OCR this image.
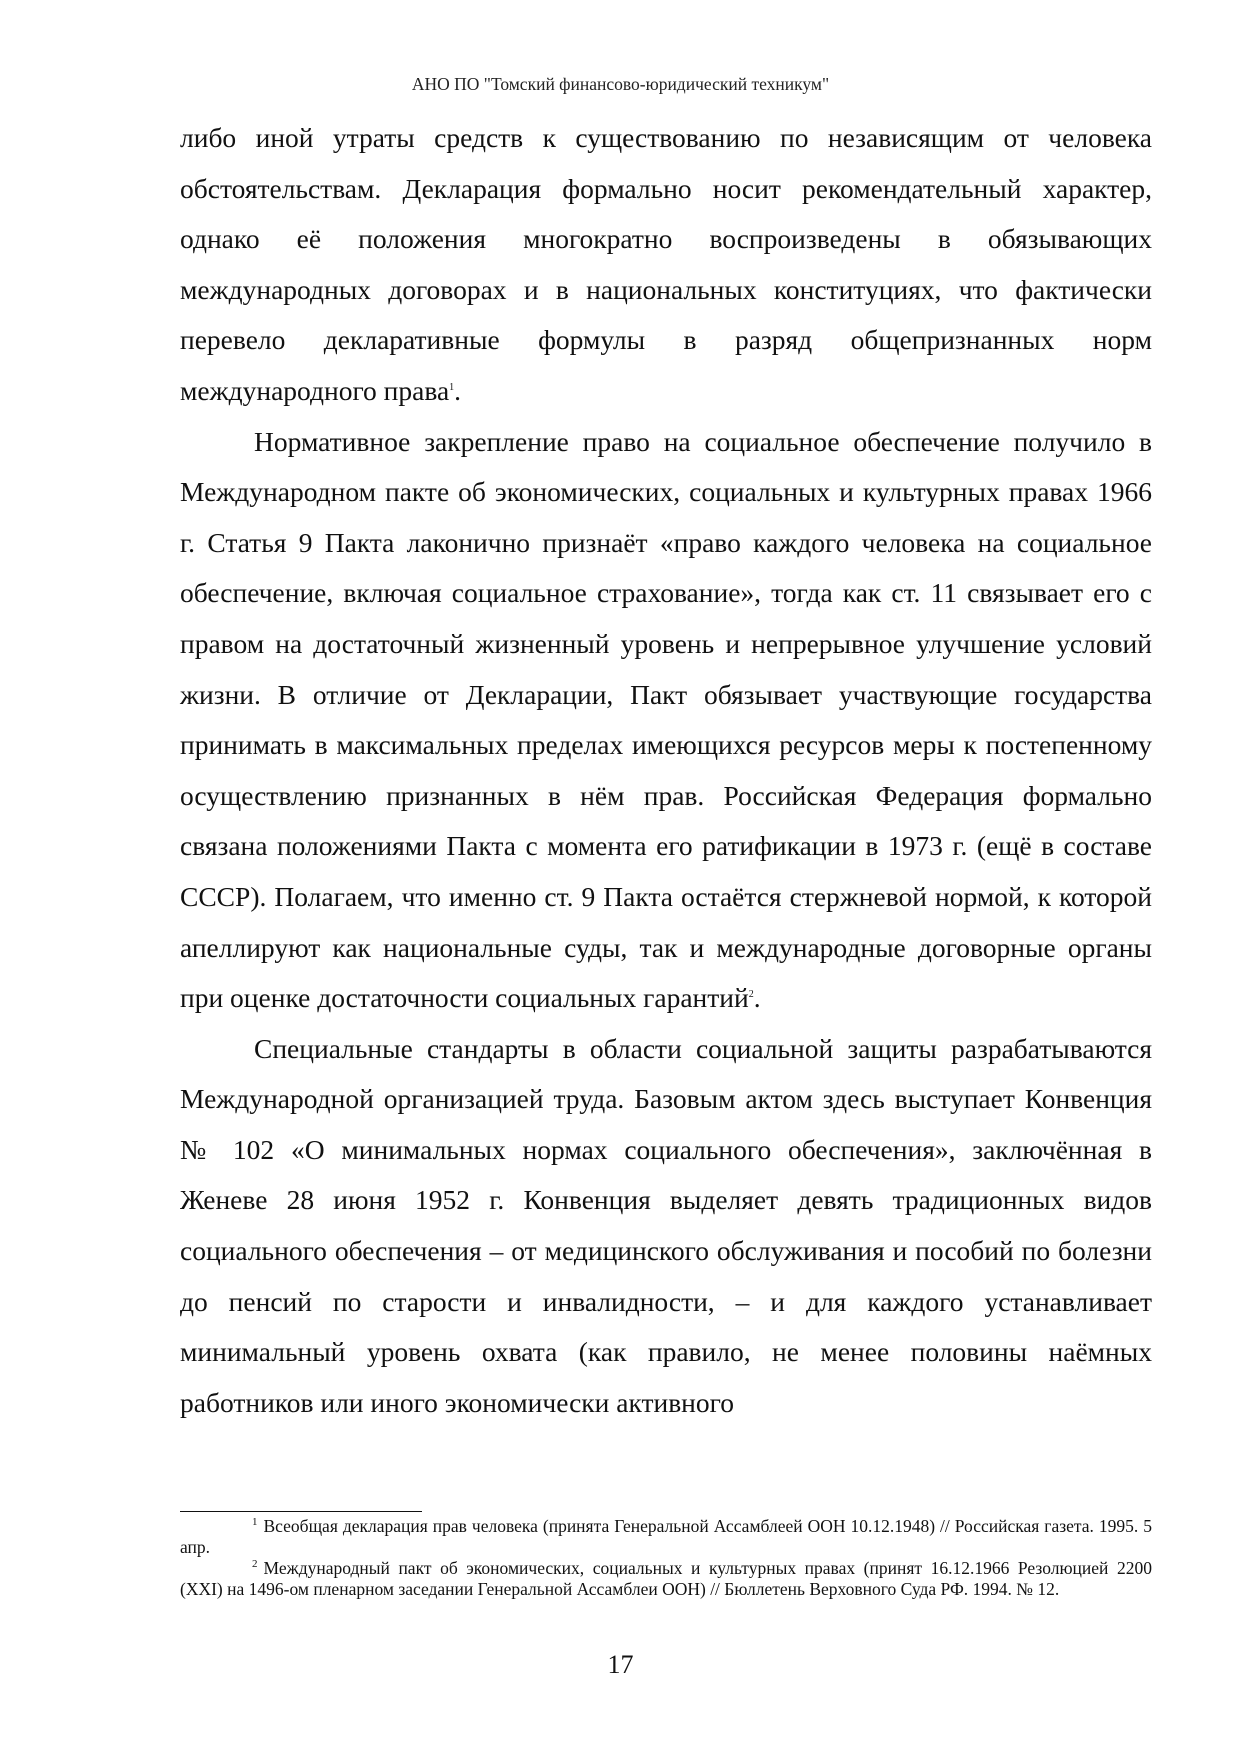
АНО ПО "Томский финансово-юридический техникум"

либо иной утраты средств к существованию по независящим от человека обстоятельствам. Декларация формально носит рекомендательный характер, однако её положения многократно воспроизведены в обязывающих международных договорах и в национальных конституциях, что фактически перевело декларативные формулы в разряд общепризнанных норм международного права$^1$.

Нормативное закрепление право на социальное обеспечение получило в Международном пакте об экономических, социальных и культурных правах 1966 г. Статья 9 Пакта лаконично признаёт «право каждого человека на социальное обеспечение, включая социальное страхование», тогда как ст. 11 связывает его с правом на достаточный жизненный уровень и непрерывное улучшение условий жизни. В отличие от Декларации, Пакт обязывает участвующие государства принимать в максимальных пределах имеющихся ресурсов меры к постепенному осуществлению признанных в нём прав. Российская Федерация формально связана положениями Пакта с момента его ратификации в 1973 г. (ещё в составе СССР). Полагаем, что именно ст. 9 Пакта остаётся стержневой нормой, к которой апеллируют как национальные суды, так и международные договорные органы при оценке достаточности социальных гарантий$^2$.

Специальные стандарты в области социальной защиты разрабатываются Международной организацией труда. Базовым актом здесь выступает Конвенция № 102 «О минимальных нормах социального обеспечения», заключённая в Женеве 28 июня 1952 г. Конвенция выделяет девять традиционных видов социального обеспечения – от медицинского обслуживания и пособий по болезни до пенсий по старости и инвалидности, – и для каждого устанавливает минимальный уровень охвата (как правило, не менее половины наёмных работников или иного экономически активного

$^1$ Всеобщая декларация прав человека (принята Генеральной Ассамблеей ООН 10.12.1948) // Российская газета. 1995. 5 апр.

$^2$ Международный пакт об экономических, социальных и культурных правах (принят 16.12.1966 Резолюцией 2200 (XXI) на 1496-ом пленарном заседании Генеральной Ассамблеи ООН) // Бюллетень Верховного Суда РФ. 1994. № 12.

17
